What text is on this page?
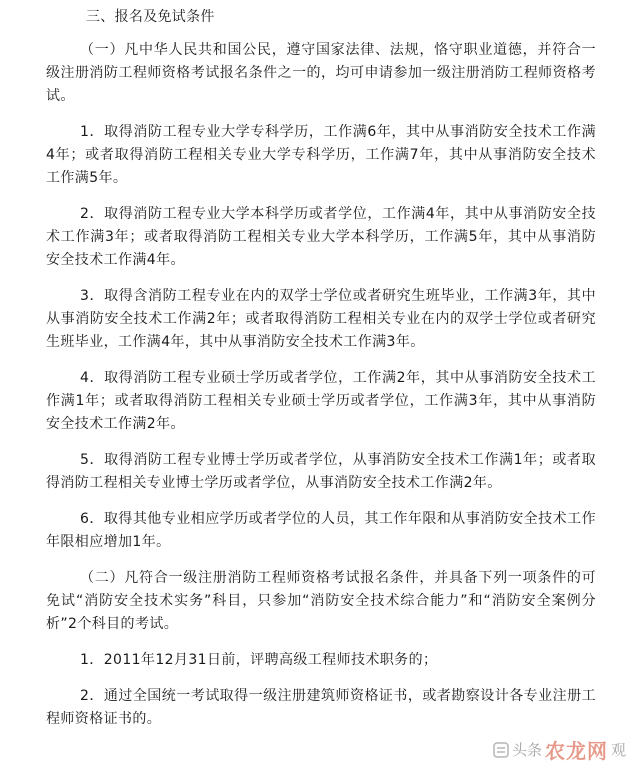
三、报名及免试条件

（一）凡中华人民共和国公民，遵守国家法律、法规，恪守职业道德，并符合一级注册消防工程师资格考试报名条件之一的，均可申请参加一级注册消防工程师资格考试。

1．取得消防工程专业大学专科学历，工作满6年，其中从事消防安全技术工作满4年；或者取得消防工程相关专业大学专科学历，工作满7年，其中从事消防安全技术工作满5年。

2．取得消防工程专业大学本科学历或者学位，工作满4年，其中从事消防安全技术工作满3年；或者取得消防工程相关专业大学本科学历，工作满5年，其中从事消防安全技术工作满4年。

3．取得含消防工程专业在内的双学士学位或者研究生班毕业，工作满3年，其中从事消防安全技术工作满2年；或者取得消防工程相关专业在内的双学士学位或者研究生班毕业，工作满4年，其中从事消防安全技术工作满3年。

4．取得消防工程专业硕士学历或者学位，工作满2年，其中从事消防安全技术工作满1年；或者取得消防工程相关专业硕士学历或者学位，工作满3年，其中从事消防安全技术工作满2年。

5．取得消防工程专业博士学历或者学位，从事消防安全技术工作满1年；或者取得消防工程相关专业博士学历或者学位，从事消防安全技术工作满2年。

6．取得其他专业相应学历或者学位的人员，其工作年限和从事消防安全技术工作年限相应增加1年。

（二）凡符合一级注册消防工程师资格考试报名条件，并具备下列一项条件的可免试“消防安全技术实务”科目，只参加“消防安全技术综合能力”和“消防安全案例分析”2个科目的考试。

1．2011年12月31日前，评聘高级工程师技术职务的；

2．通过全国统一考试取得一级注册建筑师资格证书，或者勘察设计各专业注册工程师资格证书的。

头条 农龙网 观
